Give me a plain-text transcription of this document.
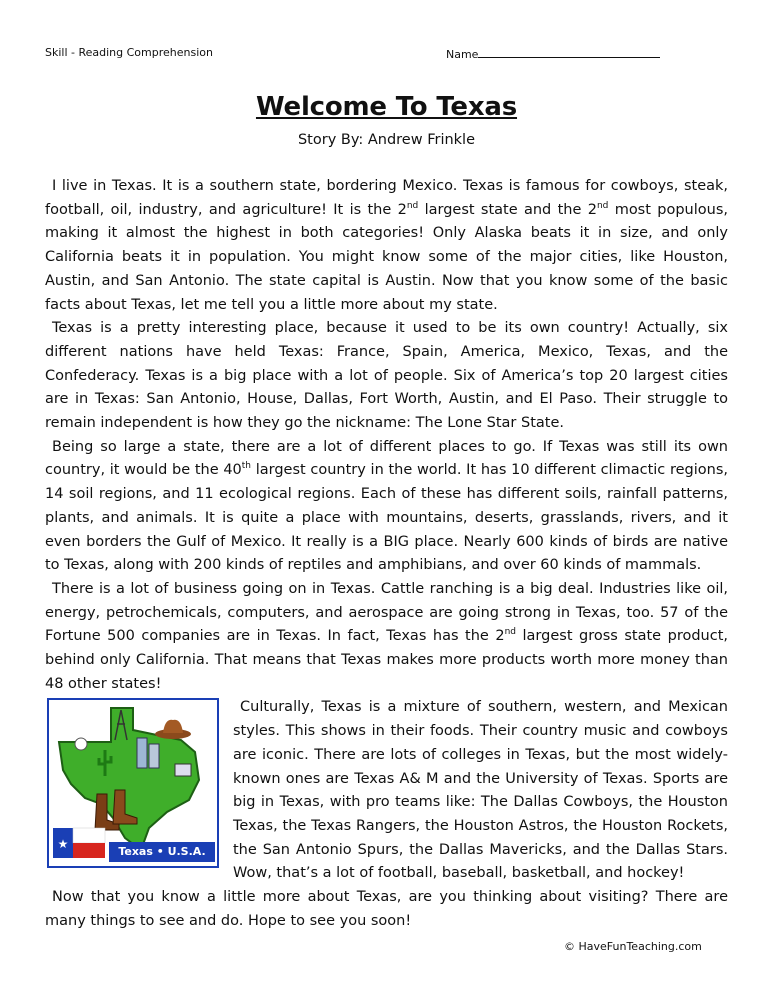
Skill - Reading Comprehension	Name
Welcome To Texas
Story By: Andrew Frinkle

I live in Texas. It is a southern state, bordering Mexico. Texas is famous for cowboys, steak, football, oil, industry, and agriculture! It is the 2nd largest state and the 2nd most populous, making it almost the highest in both categories! Only Alaska beats it in size, and only California beats it in population. You might know some of the major cities, like Houston, Austin, and San Antonio. The state capital is Austin. Now that you know some of the basic facts about Texas, let me tell you a little more about my state.

Texas is a pretty interesting place, because it used to be its own country! Actually, six different nations have held Texas: France, Spain, America, Mexico, Texas, and the Confederacy. Texas is a big place with a lot of people. Six of America’s top 20 largest cities are in Texas: San Antonio, House, Dallas, Fort Worth, Austin, and El Paso. Their struggle to remain independent is how they go the nickname: The Lone Star State.

Being so large a state, there are a lot of different places to go. If Texas was still its own country, it would be the 40th largest country in the world. It has 10 different climactic regions, 14 soil regions, and 11 ecological regions. Each of these has different soils, rainfall patterns, plants, and animals. It is quite a place with mountains, deserts, grasslands, rivers, and it even borders the Gulf of Mexico. It really is a BIG place. Nearly 600 kinds of birds are native to Texas, along with 200 kinds of reptiles and amphibians, and over 60 kinds of mammals.

There is a lot of business going on in Texas. Cattle ranching is a big deal. Industries like oil, energy, petrochemicals, computers, and aerospace are going strong in Texas, too. 57 of the Fortune 500 companies are in Texas. In fact, Texas has the 2nd largest gross state product, behind only California. That means that Texas makes more products worth more money than 48 other states!

★
Texas • U.S.A.

Culturally, Texas is a mixture of southern, western, and Mexican styles. This shows in their foods. Their country music and cowboys are iconic. There are lots of colleges in Texas, but the most widely-known ones are Texas A& M and the University of Texas. Sports are big in Texas, with pro teams like: The Dallas Cowboys, the Houston Texas, the Texas Rangers, the Houston Astros, the Houston Rockets, the San Antonio Spurs, the Dallas Mavericks, and the Dallas Stars. Wow, that’s a lot of football, baseball, basketball, and hockey!

Now that you know a little more about Texas, are you thinking about visiting? There are many things to see and do. Hope to see you soon!

© HaveFunTeaching.com
